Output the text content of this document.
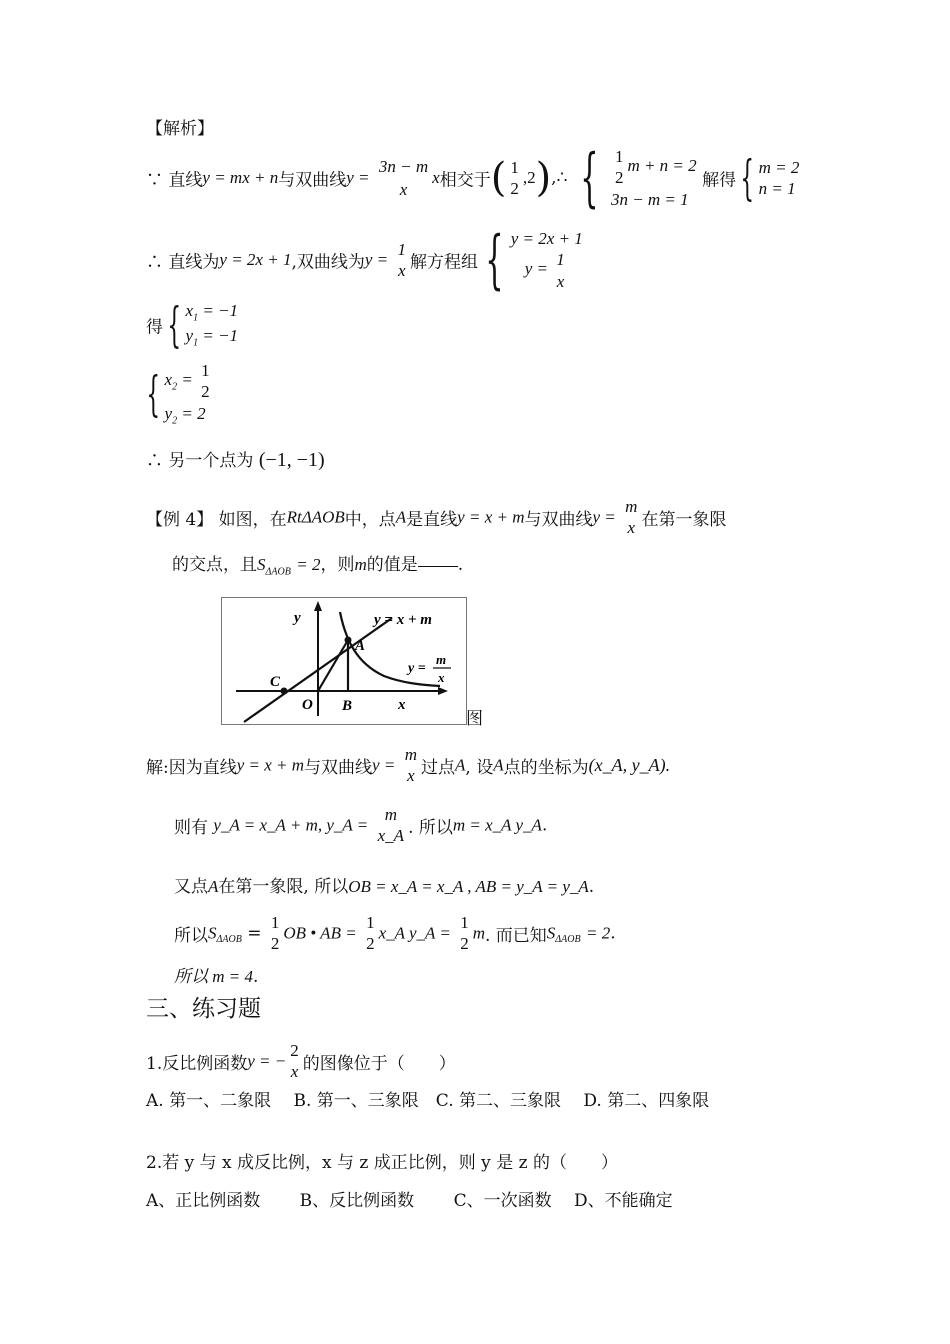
【解析】
∵ 直线y = mx + n与双曲线y =
3n − m
x
x相交于( 1
2
,2),∴ { 1
2
m + n = 2
3n − m = 1
解得{ m = 2
n = 1
∴ 直线为y = 2x + 1,双曲线为y =
1
x 解方程组 { y = 2x + 1
y = 1
x
得{ $x_1 = -1$
$y_1 = -1$
{ $x_2 = 1$
2
$y_2 = 2$
∴ 另一个点为 (−1, −1)
【例 4】 如图，在RtΔAOB中，点A是直线y = x + m与双曲线y =
m
x 在第一象限
的交点，且$S_{\Delta AOB} = 2$，则m的值是 .
y	y = x + m
A
y =
m
x
C
O B	x
图
解:因为直线y = x + m与双曲线y =
m
x 过点A, 设A点的坐标为(x_A, y_A).
则有 y_A = x_A + m, y_A =
m
x_A . 所以m = x_A y_A.
又点A在第一象限, 所以OB = x_A = x_A , AB = y_A = y_A.
所以$S_{\Delta AOB}$ =
1
2
OB • AB =
1
2
x_A y_A =
1
2
m. 而已知$S_{\Delta AOB} = 2$.
所以 m = 4.
三、练习题
1.反比例函数y = −
2
x 的图像位于（　　）
A. 第一、二象限　 B. 第一、三象限　C. 第二、三象限　 D. 第二、四象限
2.若 y 与 x 成反比例，x 与 z 成正比例，则 y 是 z 的（　　）
A、正比例函数　　 B、反比例函数　　 C、一次函数　 D、不能确定
